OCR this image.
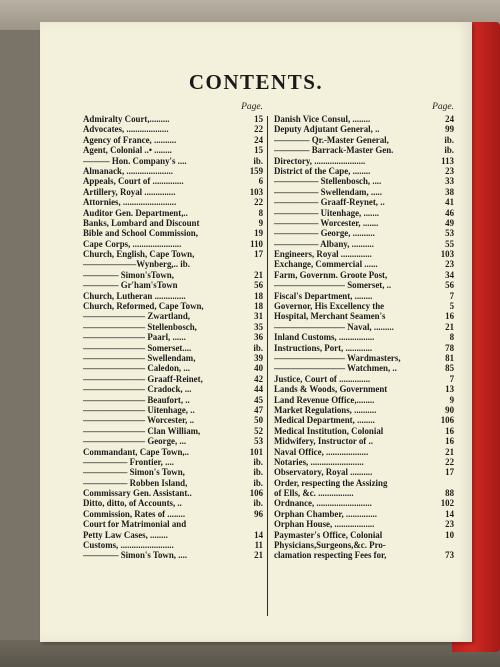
CONTENTS.
Page.
Admiralty Court,.........	15
Advocates, ...................	22
Agency of France, ..........	24
Agent, Colonial ..• ........	15
——— Hon. Company's ....	ib.
Almanack, .....................	159
Appeals, Court of ..............	6
Artillery, Royal ..............	103
Attornies, ........................	22
Auditor Gen. Department,..	8
Banks, Lombard and Discount	9
Bible and School Commission,	19
Cape Corps, ......................	110
Church, English, Cape Town,	17
——————Wynberg,.. ib.
———— Simon'sTown,	21
———— Gr'ham'sTown	56
Church, Lutheran ..............	18
Church, Reformed, Cape Town,	18
——————— Zwartland,	31
——————— Stellenbosch,	35
——————— Paarl, ......	36
——————— Somerset....	ib.
——————— Swellendam,	39
——————— Caledon, ...	40
——————— Graaff-Reinet,	42
——————— Cradock, ...	44
——————— Beaufort, ..	45
——————— Uitenhage, ..	47
——————— Worcester, ..	50
——————— Clan William,	52
——————— George, ...	53
Commandant, Cape Town,..	101
————— Frontier, ....	ib.
————— Simon's Town,	ib.
————— Robben Island,	ib.
Commissary Gen. Assistant..	106
Ditto, ditto, of Accounts, ..	ib.
Commission, Rates of ........	96
Court for Matrimonial and
Petty Law Cases, ........	14
Customs, ........................	11
———— Simon's Town, ....	21
Page.
Danish Vice Consul, ........	24
Deputy Adjutant General, ..	99
———— Qr.-Master General,	ib.
———— Barrack-Master Gen.	ib.
Directory, .......................	113
District of the Cape, ........	23
————— Stellenbosch, ....	33
————— Swellendam, .....	38
————— Graaff-Reynet, ..	41
————— Uitenhage, .......	46
————— Worcester, .......	49
————— George, ..........	53
————— Albany, ..........	55
Engineers, Royal ..............	103
Exchange, Commercial ......	23
Farm, Governm. Groote Post,	34
———————— Somerset, ..	56
Fiscal's Department, ........	7
Governor, His Excellency the	5
Hospital, Merchant Seamen's	16
———————— Naval, .........	21
Inland Customs, ................	8
Instructions, Port, ............	78
———————— Wardmasters,	81
———————— Watchmen, ..	85
Justice, Court of ..............	7
Lands & Woods, Government	13
Land Revenue Office,........	9
Market Regulations, ..........	90
Medical Department, ........	106
Medical Institution, Colonial	16
Midwifery, Instructor of ..	16
Naval Office, ...................	21
Notaries, ........................	22
Observatory, Royal ..........	17
Order, respecting the Assizing
of Ells, &c. ................	88
Ordnance, .........................	102
Orphan Chamber, ..............	14
Orphan House, ..................	23
Paymaster's Office, Colonial	10
Physicians,Surgeons,&c. Pro-
clamation respecting Fees for,	73
